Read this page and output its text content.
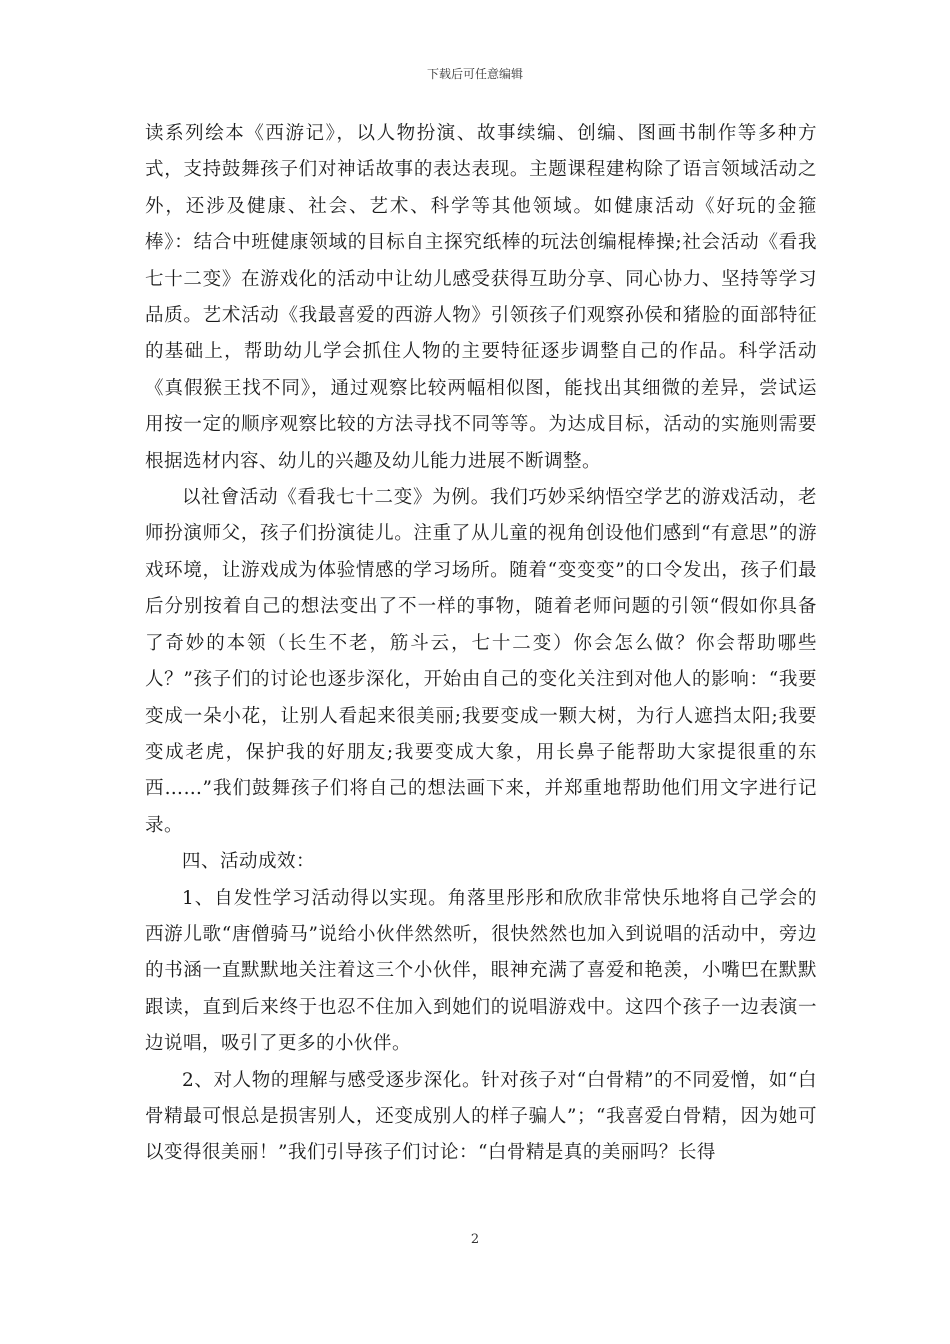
下载后可任意编辑

读系列绘本《西游记》，以人物扮演、故事续编、创编、图画书制作等多种方式，支持鼓舞孩子们对神话故事的表达表现。主题课程建构除了语言领域活动之外，还涉及健康、社会、艺术、科学等其他领域。如健康活动《好玩的金箍棒》：结合中班健康领域的目标自主探究纸棒的玩法创编棍棒操;社会活动《看我七十二变》在游戏化的活动中让幼儿感受获得互助分享、同心协力、坚持等学习品质。艺术活动《我最喜爱的西游人物》引领孩子们观察孙侯和猪脸的面部特征的基础上，帮助幼儿学会抓住人物的主要特征逐步调整自己的作品。科学活动《真假猴王找不同》，通过观察比较两幅相似图，能找出其细微的差异，尝试运用按一定的顺序观察比较的方法寻找不同等等。为达成目标，活动的实施则需要根据选材内容、幼儿的兴趣及幼儿能力进展不断调整。

以社會活动《看我七十二变》为例。我们巧妙采纳悟空学艺的游戏活动，老师扮演师父，孩子们扮演徒儿。注重了从儿童的视角创设他们感到“有意思”的游戏环境，让游戏成为体验情感的学习场所。随着“变变变”的口令发出，孩子们最后分别按着自己的想法变出了不一样的事物，随着老师问题的引领“假如你具备了奇妙的本领（长生不老，筋斗云，七十二变）你会怎么做？你会帮助哪些人？”孩子们的讨论也逐步深化，开始由自己的变化关注到对他人的影响：“我要变成一朵小花，让别人看起来很美丽;我要变成一颗大树，为行人遮挡太阳;我要变成老虎，保护我的好朋友;我要变成大象，用长鼻子能帮助大家提很重的东西……”我们鼓舞孩子们将自己的想法画下来，并郑重地帮助他们用文字进行记录。

四、活动成效：

1、自发性学习活动得以实现。角落里彤彤和欣欣非常快乐地将自己学会的西游儿歌“唐僧骑马”说给小伙伴然然听，很快然然也加入到说唱的活动中，旁边的书涵一直默默地关注着这三个小伙伴，眼神充满了喜爱和艳羡，小嘴巴在默默跟读，直到后来终于也忍不住加入到她们的说唱游戏中。这四个孩子一边表演一边说唱，吸引了更多的小伙伴。

2、对人物的理解与感受逐步深化。针对孩子对“白骨精”的不同爱憎，如“白骨精最可恨总是损害别人，还变成别人的样子骗人”；“我喜爱白骨精，因为她可以变得很美丽！”我们引导孩子们讨论：“白骨精是真的美丽吗？长得

2
